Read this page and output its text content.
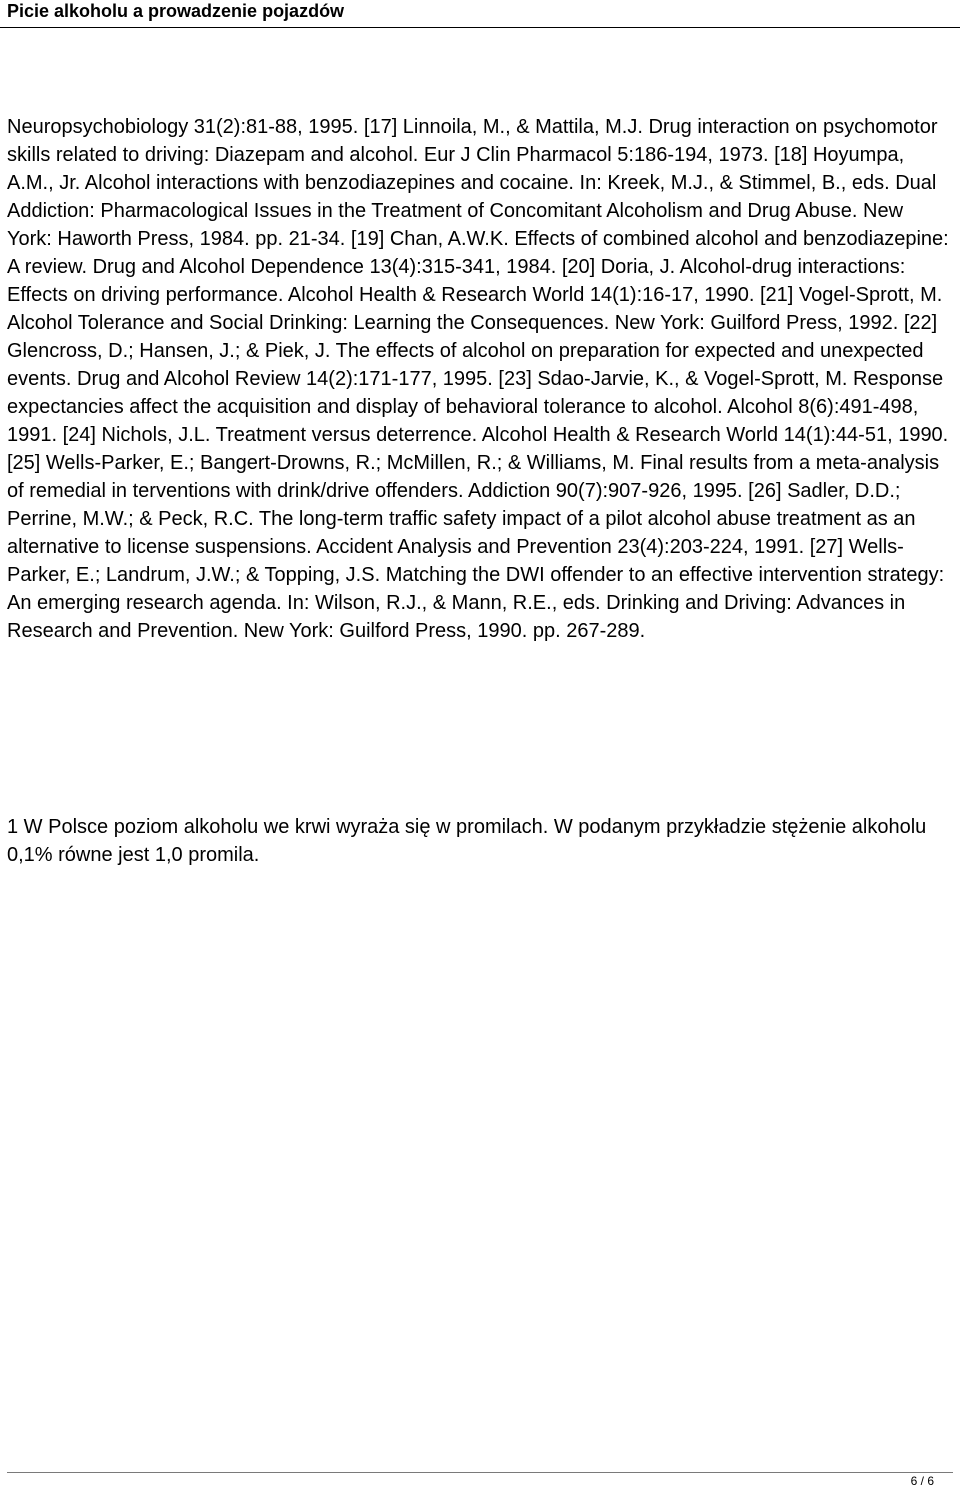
Picie alkoholu a prowadzenie pojazdów
Neuropsychobiology 31(2):81-88, 1995. [17] Linnoila, M., & Mattila, M.J. Drug interaction on psychomotor skills related to driving: Diazepam and alcohol. Eur J Clin Pharmacol 5:186-194, 1973. [18] Hoyumpa, A.M., Jr. Alcohol interactions with benzodiazepines and cocaine. In: Kreek, M.J., & Stimmel, B., eds. Dual Addiction: Pharmacological Issues in the Treatment of Concomitant Alcoholism and Drug Abuse. New York: Haworth Press, 1984. pp. 21-34. [19] Chan, A.W.K. Effects of combined alcohol and benzodiazepine: A review. Drug and Alcohol Dependence 13(4):315-341, 1984. [20] Doria, J. Alcohol-drug interactions: Effects on driving performance. Alcohol Health & Research World 14(1):16-17, 1990. [21] Vogel-Sprott, M. Alcohol Tolerance and Social Drinking: Learning the Consequences. New York: Guilford Press, 1992. [22] Glencross, D.; Hansen, J.; & Piek, J. The effects of alcohol on preparation for expected and unexpected events. Drug and Alcohol Review 14(2):171-177, 1995. [23] Sdao-Jarvie, K., & Vogel-Sprott, M. Response expectancies affect the acquisition and display of behavioral tolerance to alcohol. Alcohol 8(6):491-498, 1991. [24] Nichols, J.L. Treatment versus deterrence. Alcohol Health & Research World 14(1):44-51, 1990. [25] Wells-Parker, E.; Bangert-Drowns, R.; McMillen, R.; & Williams, M. Final results from a meta-analysis of remedial in terventions with drink/drive offenders. Addiction 90(7):907-926, 1995. [26] Sadler, D.D.; Perrine, M.W.; & Peck, R.C. The long-term traffic safety impact of a pilot alcohol abuse treatment as an alternative to license suspensions. Accident Analysis and Prevention 23(4):203-224, 1991. [27] Wells-Parker, E.; Landrum, J.W.; & Topping, J.S. Matching the DWI offender to an effective intervention strategy: An emerging research agenda. In: Wilson, R.J., & Mann, R.E., eds. Drinking and Driving: Advances in Research and Prevention. New York: Guilford Press, 1990. pp. 267-289.
1 W Polsce poziom alkoholu we krwi wyraża się w promilach. W podanym przykładzie stężenie alkoholu 0,1% równe jest 1,0 promila.
6 / 6
